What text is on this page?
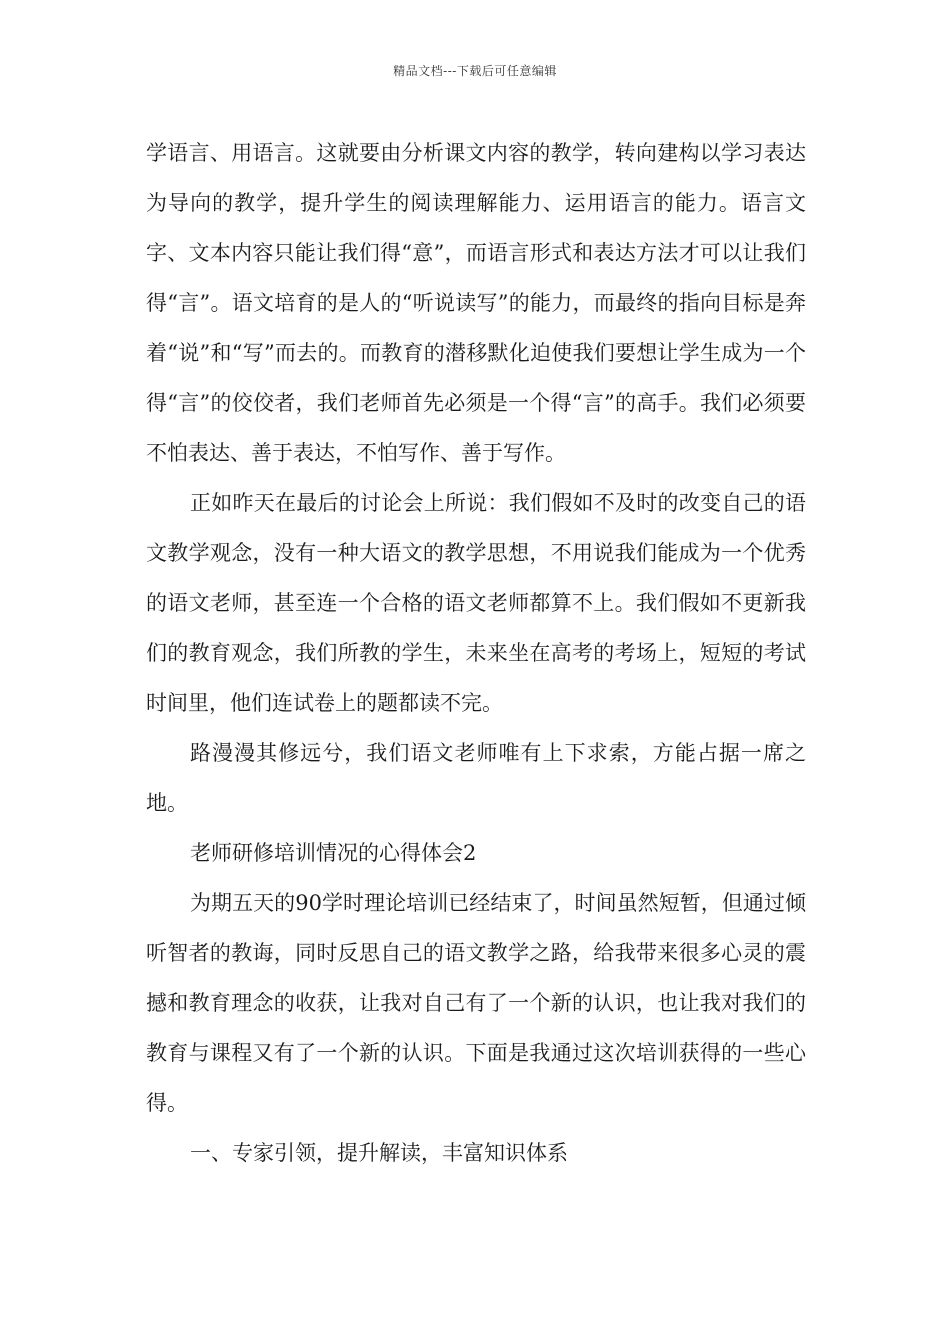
精品文档---下载后可任意编辑

学语言、用语言。这就要由分析课文内容的教学，转向建构以学习表达为导向的教学，提升学生的阅读理解能力、运用语言的能力。语言文字、文本内容只能让我们得“意”，而语言形式和表达方法才可以让我们得“言”。语文培育的是人的“听说读写”的能力，而最终的指向目标是奔着“说”和“写”而去的。而教育的潜移默化迫使我们要想让学生成为一个得“言”的佼佼者，我们老师首先必须是一个得“言”的高手。我们必须要不怕表达、善于表达，不怕写作、善于写作。

正如昨天在最后的讨论会上所说：我们假如不及时的改变自己的语文教学观念，没有一种大语文的教学思想，不用说我们能成为一个优秀的语文老师，甚至连一个合格的语文老师都算不上。我们假如不更新我们的教育观念，我们所教的学生，未来坐在高考的考场上，短短的考试时间里，他们连试卷上的题都读不完。

路漫漫其修远兮，我们语文老师唯有上下求索，方能占据一席之地。

老师研修培训情况的心得体会2

为期五天的90学时理论培训已经结束了，时间虽然短暂，但通过倾听智者的教诲，同时反思自己的语文教学之路，给我带来很多心灵的震撼和教育理念的收获，让我对自己有了一个新的认识，也让我对我们的教育与课程又有了一个新的认识。下面是我通过这次培训获得的一些心得。

一、专家引领，提升解读，丰富知识体系
